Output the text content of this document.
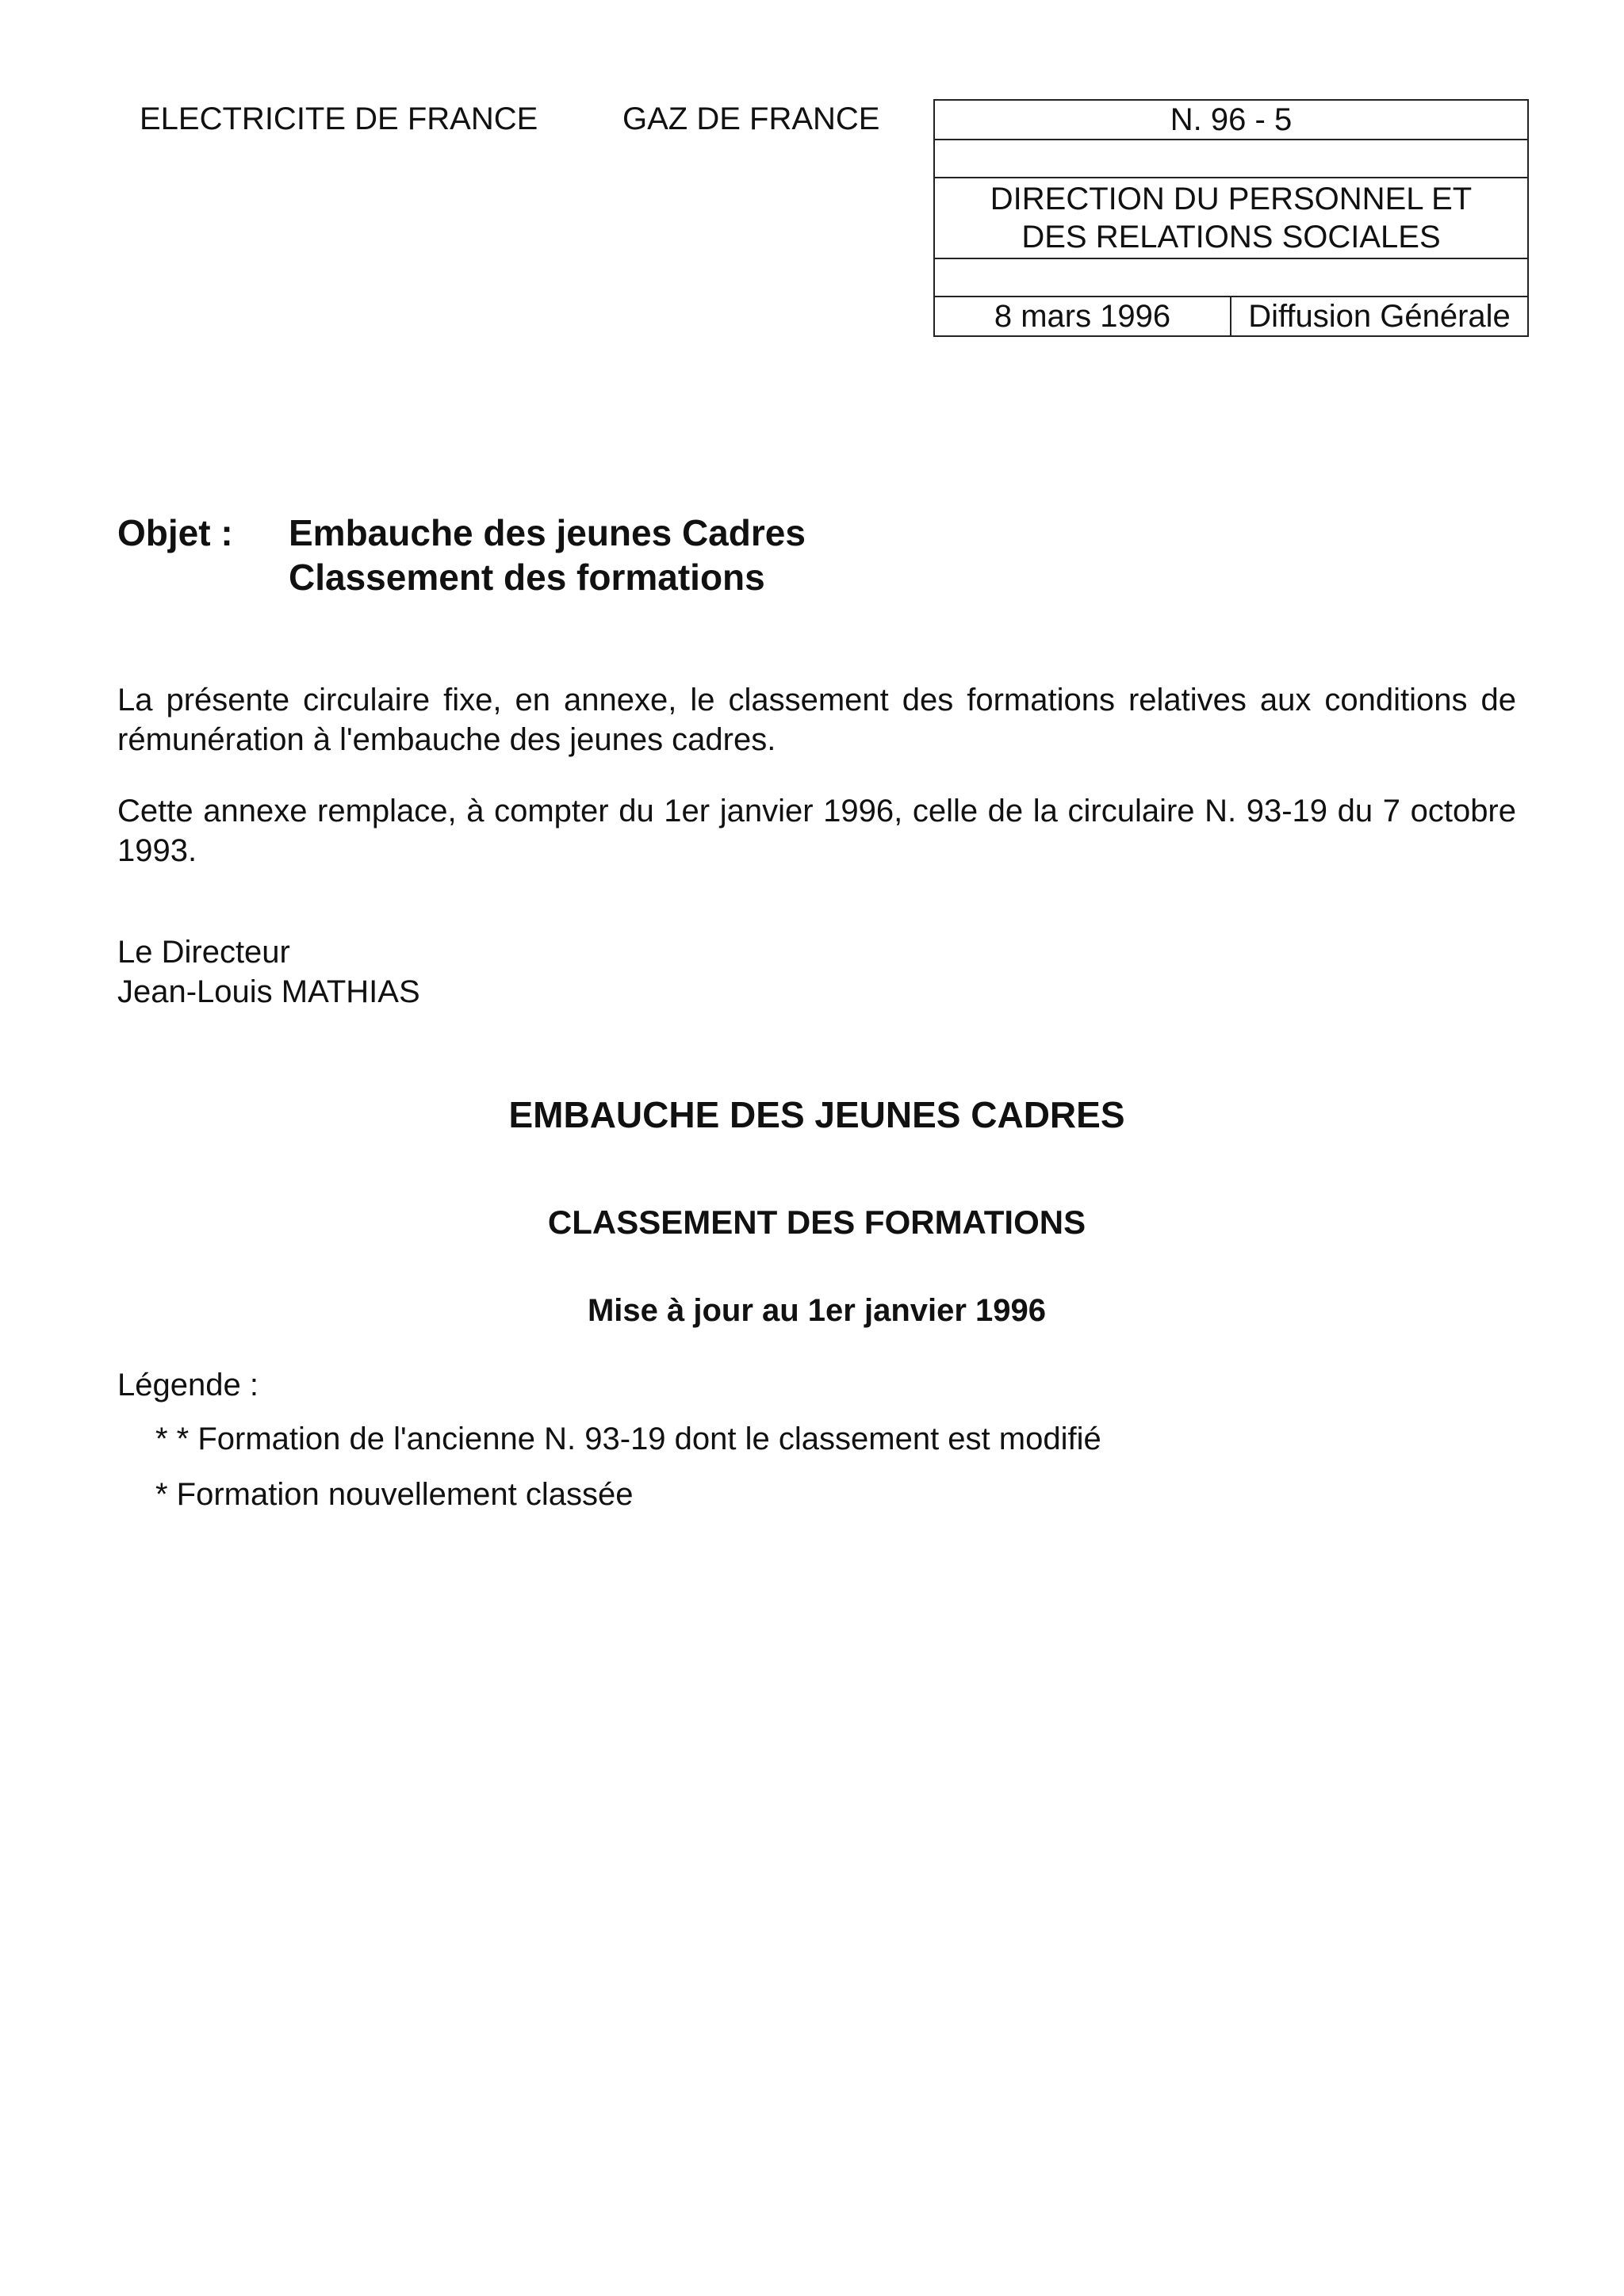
ELECTRICITE DE FRANCE	GAZ DE FRANCE	N. 96 - 5

DIRECTION DU PERSONNEL ET
DES RELATIONS SOCIALES

8 mars 1996	Diffusion Générale
Objet : Embauche des jeunes Cadres
Classement des formations

La présente circulaire fixe, en annexe, le classement des formations relatives aux conditions de rémunération à l'embauche des jeunes cadres.

Cette annexe remplace, à compter du 1er janvier 1996, celle de la circulaire N. 93-19 du 7 octobre 1993.

Le Directeur
Jean-Louis MATHIAS
EMBAUCHE DES JEUNES CADRES
CLASSEMENT DES FORMATIONS
Mise à jour au 1er janvier 1996
Légende :
* * Formation de l'ancienne N. 93-19 dont le classement est modifié
* Formation nouvellement classée
